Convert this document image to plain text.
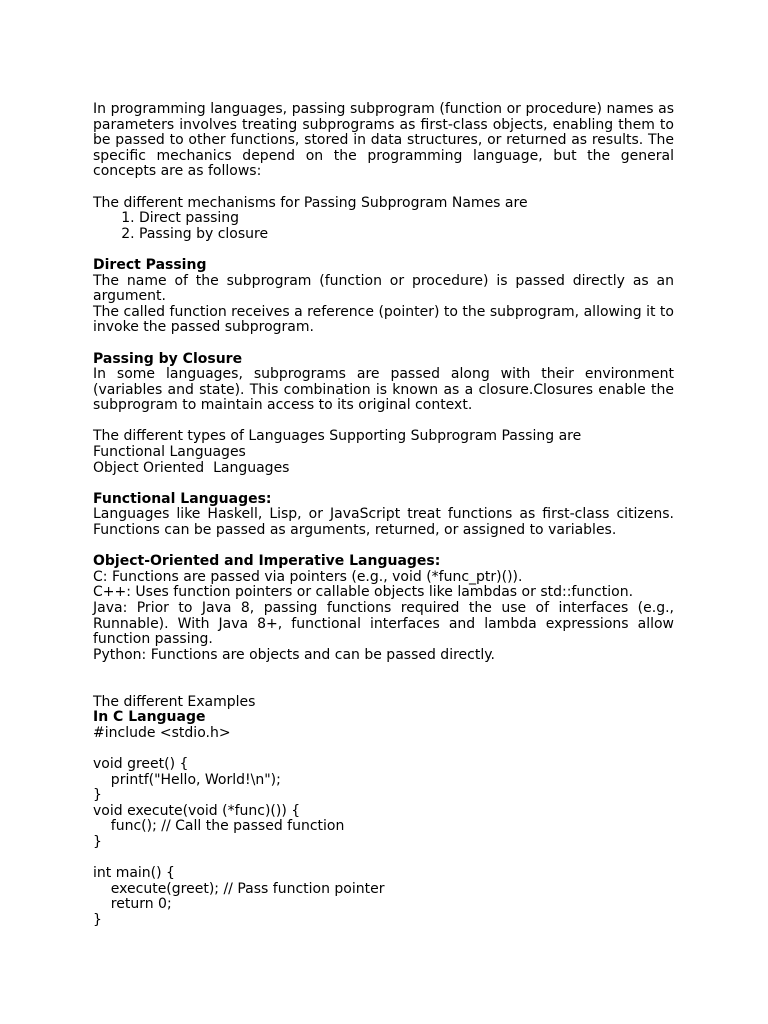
In programming languages, passing subprogram (function or procedure) names as parameters involves treating subprograms as first-class objects, enabling them to be passed to other functions, stored in data structures, or returned as results. The specific mechanics depend on the programming language, but the general concepts are as follows:

The different mechanisms for Passing Subprogram Names are

1. Direct passing
2. Passing by closure

Direct Passing

The name of the subprogram (function or procedure) is passed directly as an argument.

The called function receives a reference (pointer) to the subprogram, allowing it to invoke the passed subprogram.

Passing by Closure

In some languages, subprograms are passed along with their environment (variables and state). This combination is known as a closure.Closures enable the subprogram to maintain access to its original context.

The different types of Languages Supporting Subprogram Passing are

Functional Languages

Object Oriented  Languages

Functional Languages:

Languages like Haskell, Lisp, or JavaScript treat functions as first-class citizens. Functions can be passed as arguments, returned, or assigned to variables.

Object-Oriented and Imperative Languages:

C: Functions are passed via pointers (e.g., void (*func_ptr)()).

C++: Uses function pointers or callable objects like lambdas or std::function.

Java: Prior to Java 8, passing functions required the use of interfaces (e.g., Runnable). With Java 8+, functional interfaces and lambda expressions allow function passing.

Python: Functions are objects and can be passed directly.

The different Examples

In C Language

#include <stdio.h>
void greet() {
printf("Hello, World!\n");
}
void execute(void (*func)()) {
func(); // Call the passed function
}
int main() {
execute(greet); // Pass function pointer
return 0;
}
